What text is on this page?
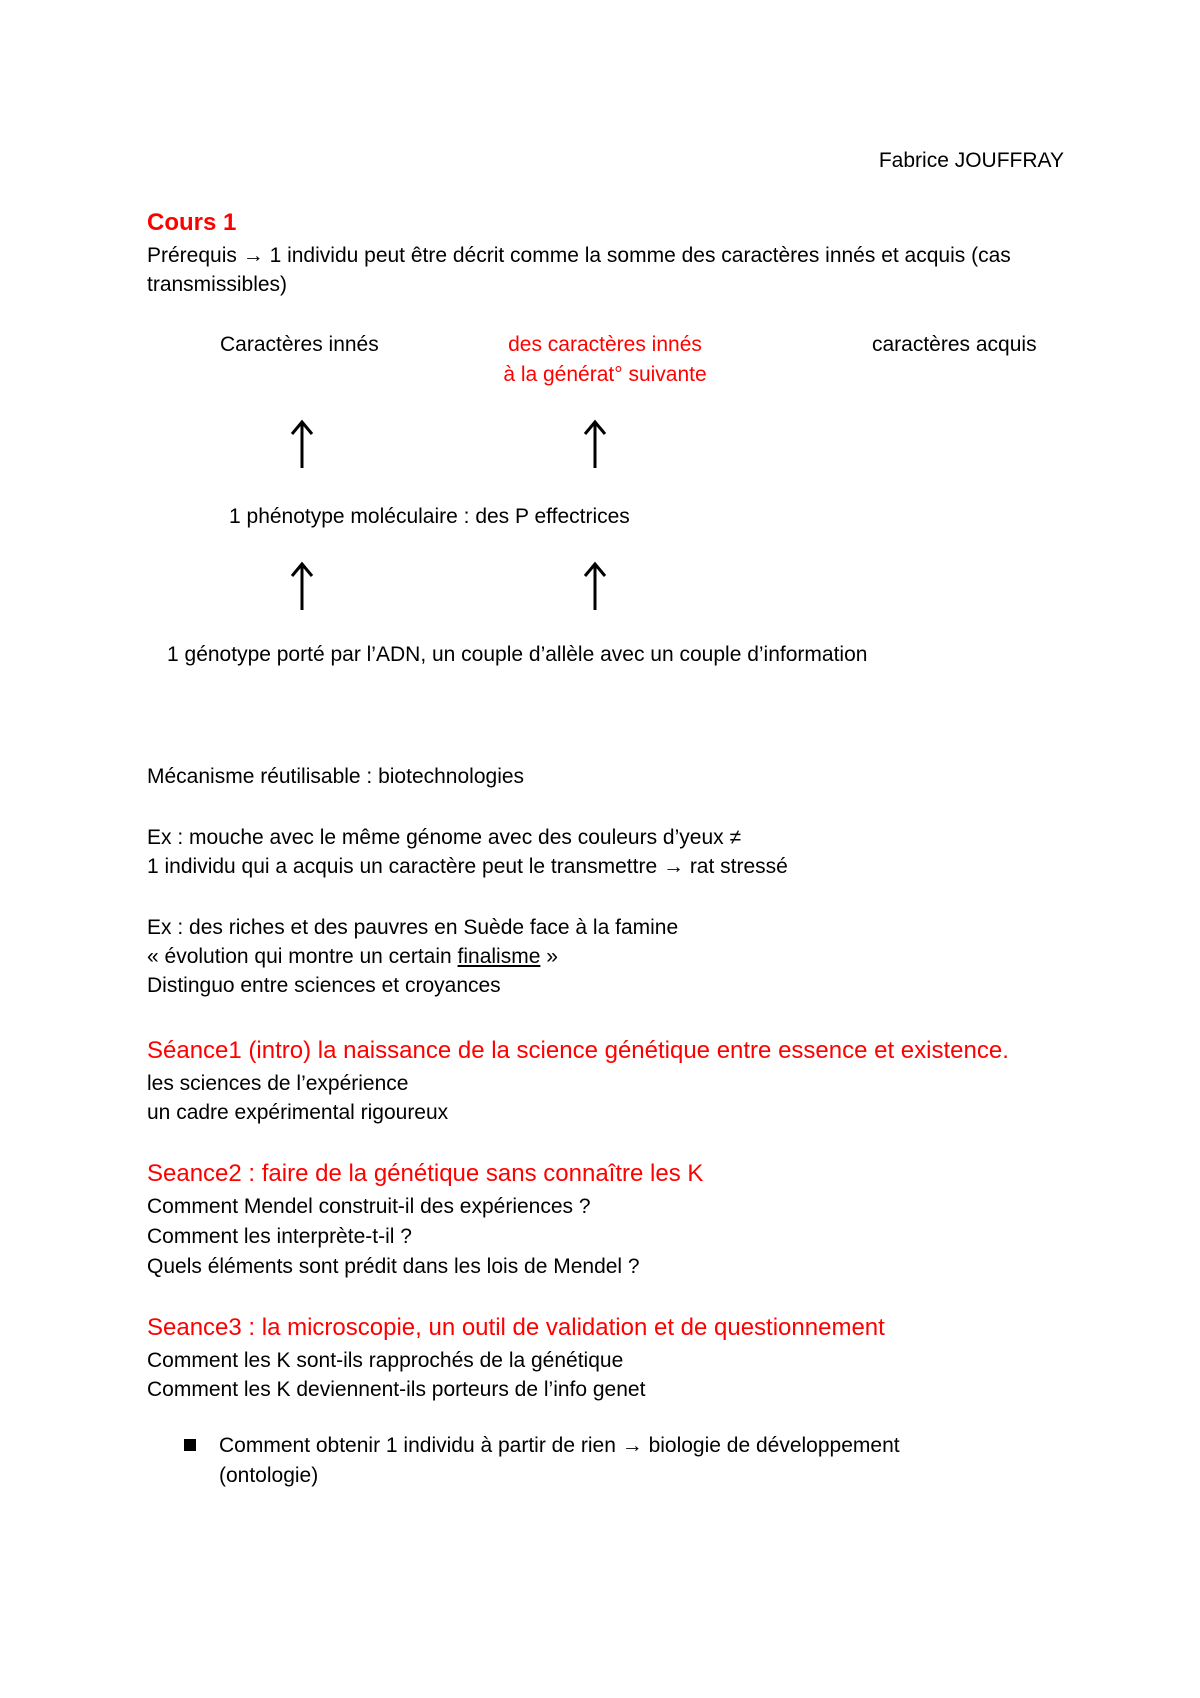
Fabrice JOUFFRAY
Cours 1
Prérequis → 1 individu peut être décrit comme la somme des caractères innés et acquis (cas
transmissibles)
Caractères innés	des caractères innés
à la générat° suivante
caractères acquis
1 phénotype moléculaire : des P effectrices
1 génotype porté par l’ADN, un couple d’allèle avec un couple d’information
Mécanisme réutilisable : biotechnologies
Ex : mouche avec le même génome avec des couleurs d’yeux ≠
1 individu qui a acquis un caractère peut le transmettre → rat stressé
Ex : des riches et des pauvres en Suède face à la famine
« évolution qui montre un certain finalisme »
Distinguo entre sciences et croyances
Séance1 (intro) la naissance de la science génétique entre essence et existence.
les sciences de l’expérience
un cadre expérimental rigoureux
Seance2 : faire de la génétique sans connaître les K
Comment Mendel construit-il des expériences ?
Comment les interprète-t-il ?
Quels éléments sont prédit dans les lois de Mendel ?
Seance3 : la microscopie, un outil de validation et de questionnement
Comment les K sont-ils rapprochés de la génétique
Comment les K deviennent-ils porteurs de l’info genet
Comment obtenir 1 individu à partir de rien → biologie de développement
(ontologie)
